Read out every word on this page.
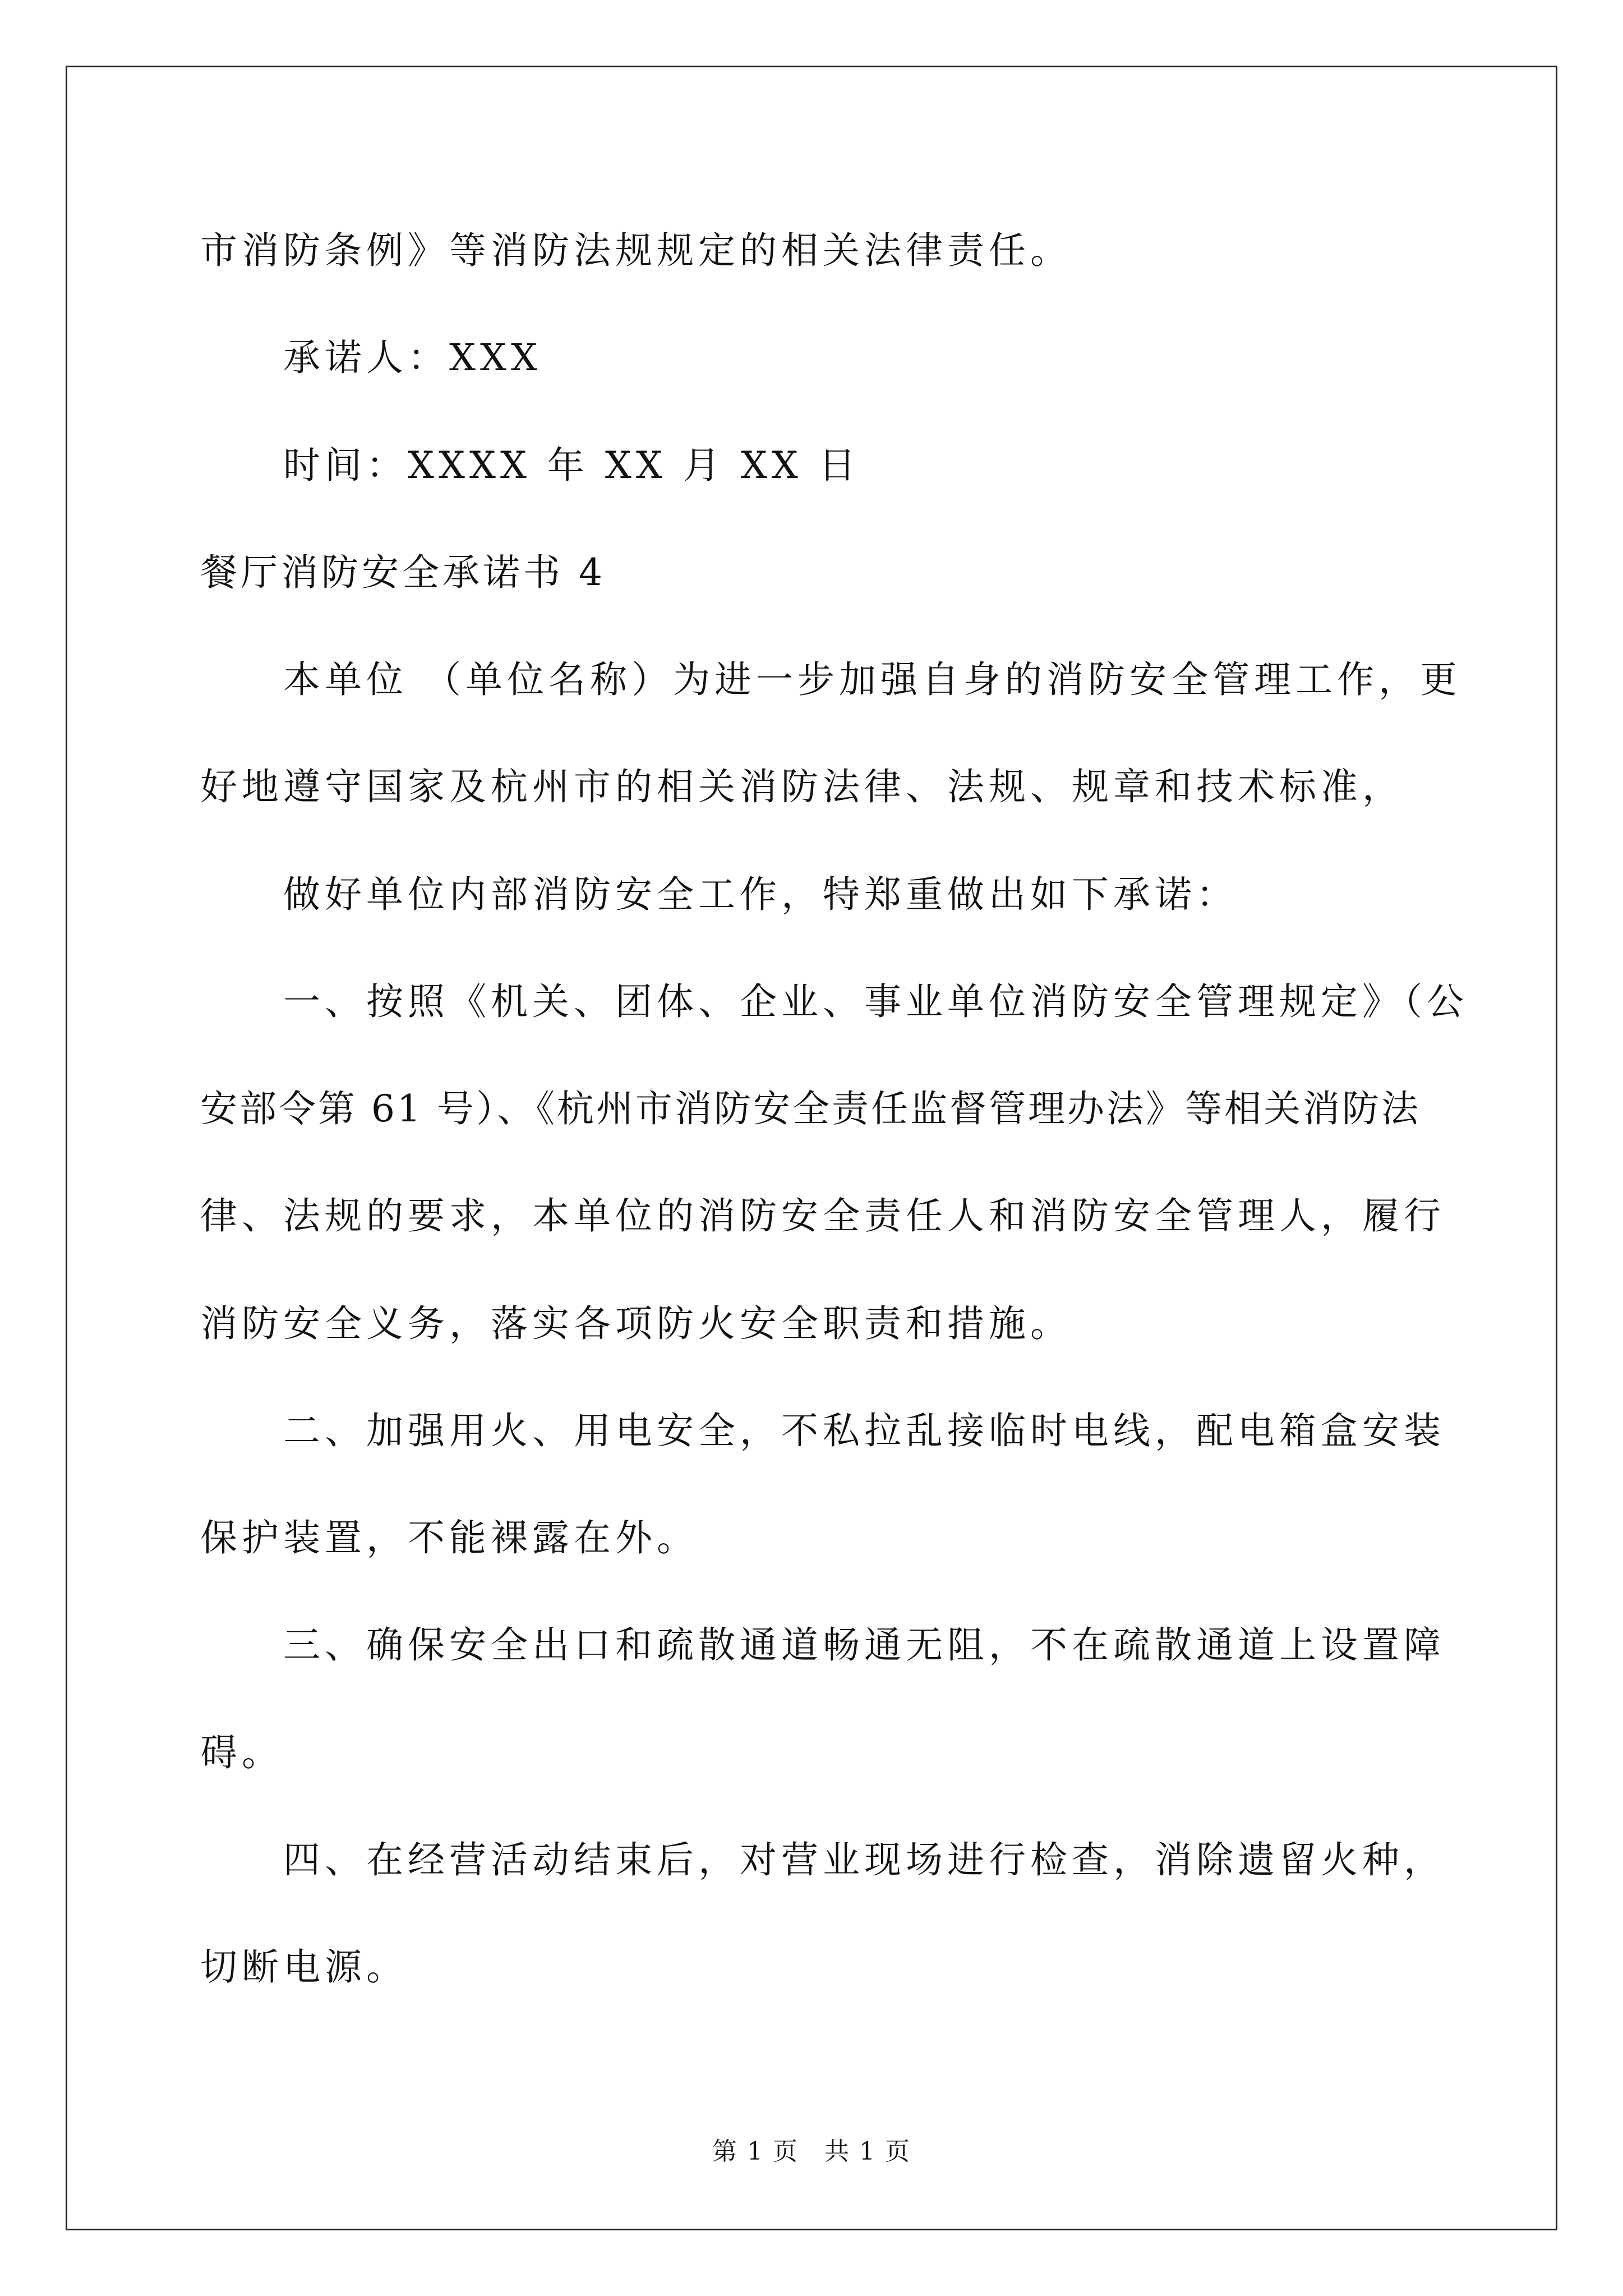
市消防条例》等消防法规规定的相关法律责任。
承诺人：XXX
时间：XXXX 年 XX 月 XX 日
餐厅消防安全承诺书 4
本单位 （单位名称）为进一步加强自身的消防安全管理工作，更
好地遵守国家及杭州市的相关消防法律、法规、规章和技术标准，
做好单位内部消防安全工作，特郑重做出如下承诺：
一、按照《机关、团体、企业、事业单位消防安全管理规定》（公
安部令第 61 号）、《杭州市消防安全责任监督管理办法》等相关消防法
律、法规的要求，本单位的消防安全责任人和消防安全管理人，履行
消防安全义务，落实各项防火安全职责和措施。
二、加强用火、用电安全，不私拉乱接临时电线，配电箱盒安装
保护装置，不能裸露在外。
三、确保安全出口和疏散通道畅通无阻，不在疏散通道上设置障
碍。
四、在经营活动结束后，对营业现场进行检查，消除遗留火种，
切断电源。
第 1 页　共 1 页
